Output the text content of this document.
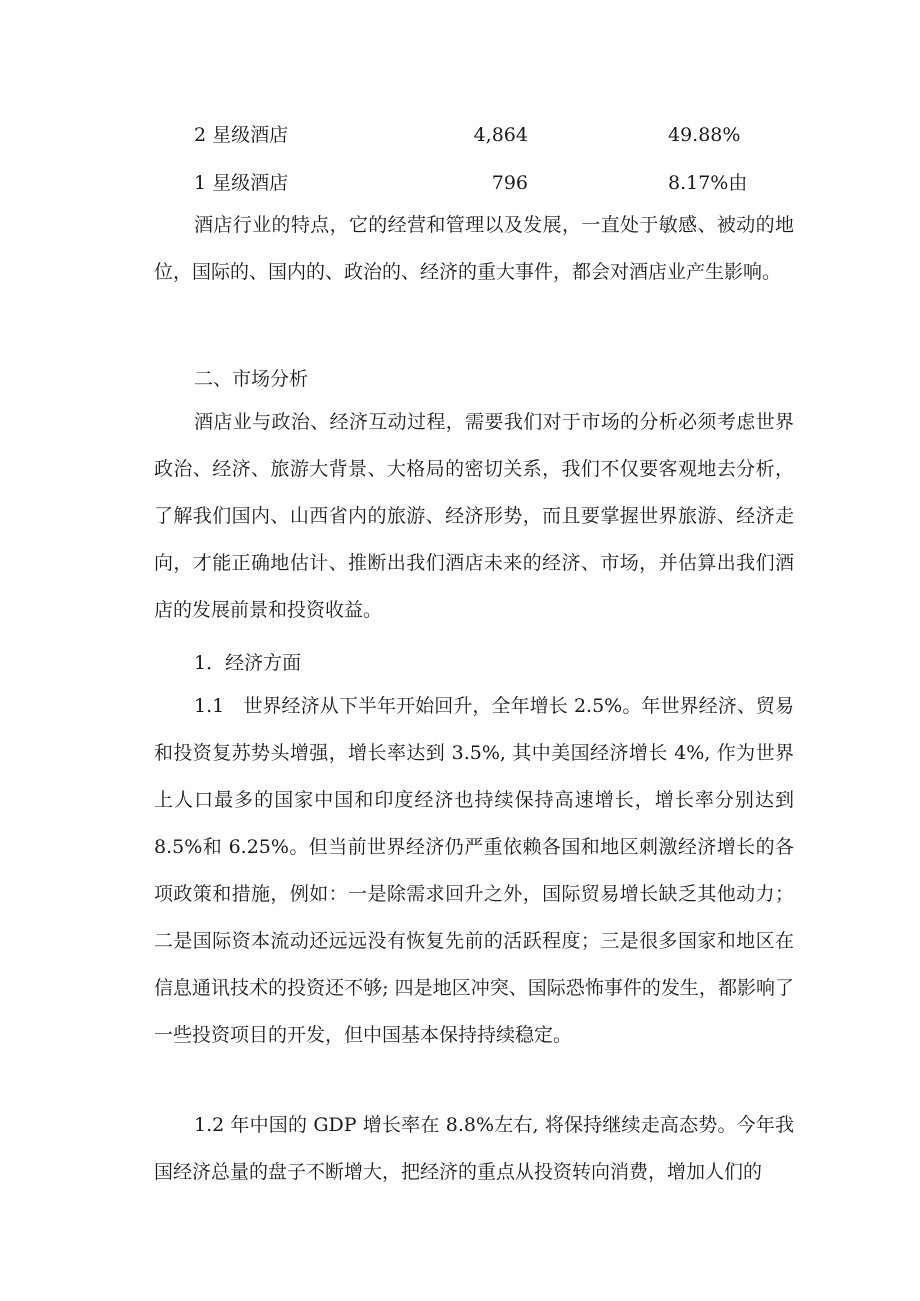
2 星级酒店	4,864	49.88%
1 星级酒店	796	8.17%由

酒店行业的特点，它的经营和管理以及发展，一直处于敏感、被动的地位，国际的、国内的、政治的、经济的重大事件，都会对酒店业产生影响。

二、市场分析

酒店业与政治、经济互动过程，需要我们对于市场的分析必须考虑世界政治、经济、旅游大背景、大格局的密切关系，我们不仅要客观地去分析，了解我们国内、山西省内的旅游、经济形势，而且要掌握世界旅游、经济走向，才能正确地估计、推断出我们酒店未来的经济、市场，并估算出我们酒店的发展前景和投资收益。

1．经济方面

1.1　世界经济从下半年开始回升，全年增长 2.5%。年世界经济、贸易和投资复苏势头增强，增长率达到 3.5%, 其中美国经济增长 4%, 作为世界上人口最多的国家中国和印度经济也持续保持高速增长，增长率分别达到 8.5%和 6.25%。但当前世界经济仍严重依赖各国和地区刺激经济增长的各项政策和措施，例如：一是除需求回升之外，国际贸易增长缺乏其他动力；二是国际资本流动还远远没有恢复先前的活跃程度；三是很多国家和地区在信息通讯技术的投资还不够; 四是地区冲突、国际恐怖事件的发生，都影响了一些投资项目的开发，但中国基本保持持续稳定。

1.2 年中国的 GDP 增长率在 8.8%左右, 将保持继续走高态势。今年我国经济总量的盘子不断增大，把经济的重点从投资转向消费，增加人们的
